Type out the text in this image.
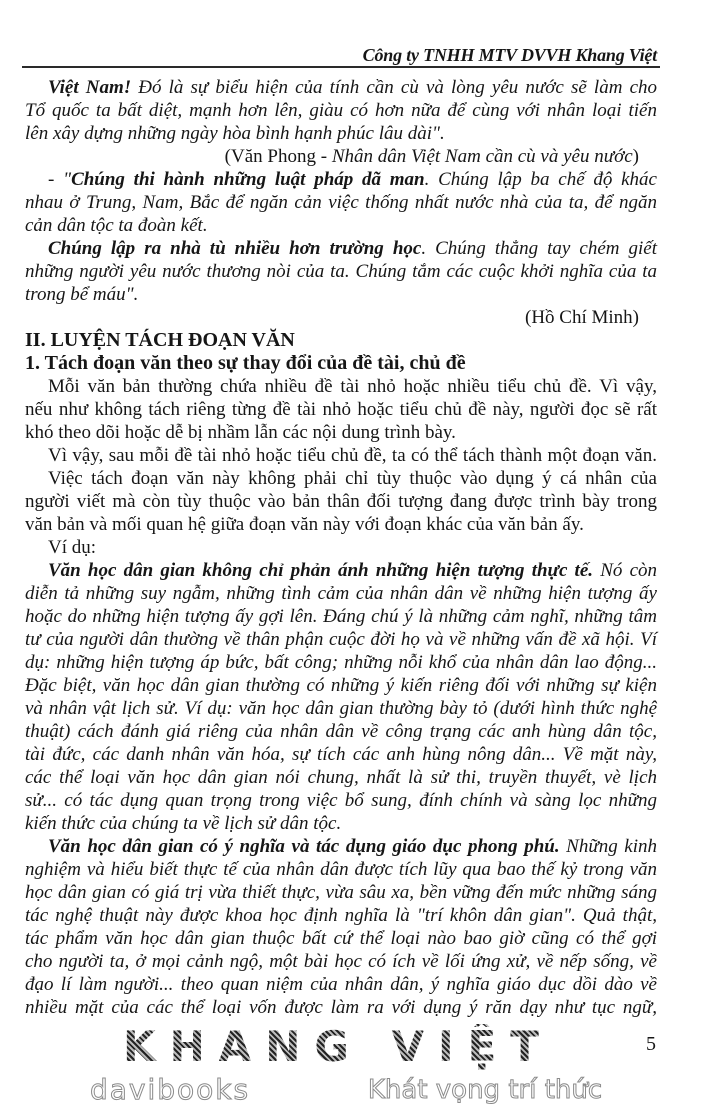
Công ty TNHH MTV DVVH Khang Việt
Việt Nam! Đó là sự biểu hiện của tính cần cù và lòng yêu nước sẽ làm cho
Tổ quốc ta bất diệt, mạnh hơn lên, giàu có hơn nữa để cùng với nhân loại tiến
lên xây dựng những ngày hòa bình hạnh phúc lâu dài".
(Văn Phong - Nhân dân Việt Nam cần cù và yêu nước)
- "Chúng thi hành những luật pháp dã man. Chúng lập ba chế độ khác
nhau ở Trung, Nam, Bắc để ngăn cản việc thống nhất nước nhà của ta, để ngăn
cản dân tộc ta đoàn kết.
Chúng lập ra nhà tù nhiều hơn trường học. Chúng thẳng tay chém giết
những người yêu nước thương nòi của ta. Chúng tắm các cuộc khởi nghĩa của ta
trong bể máu".
(Hồ Chí Minh)
II. LUYỆN TÁCH ĐOẠN VĂN
1. Tách đoạn văn theo sự thay đổi của đề tài, chủ đề
Mỗi văn bản thường chứa nhiều đề tài nhỏ hoặc nhiều tiểu chủ đề. Vì vậy,
nếu như không tách riêng từng đề tài nhỏ hoặc tiểu chủ đề này, người đọc sẽ rất
khó theo dõi hoặc dễ bị nhầm lẫn các nội dung trình bày.
Vì vậy, sau mỗi đề tài nhỏ hoặc tiểu chủ đề, ta có thể tách thành một đoạn văn.
Việc tách đoạn văn này không phải chỉ tùy thuộc vào dụng ý cá nhân của
người viết mà còn tùy thuộc vào bản thân đối tượng đang được trình bày trong
văn bản và mối quan hệ giữa đoạn văn này với đoạn khác của văn bản ấy.
Ví dụ:
Văn học dân gian không chỉ phản ánh những hiện tượng thực tế. Nó còn
diễn tả những suy ngẫm, những tình cảm của nhân dân về những hiện tượng ấy
hoặc do những hiện tượng ấy gợi lên. Đáng chú ý là những cảm nghĩ, những tâm
tư của người dân thường về thân phận cuộc đời họ và về những vấn đề xã hội. Ví
dụ: những hiện tượng áp bức, bất công; những nỗi khổ của nhân dân lao động...
Đặc biệt, văn học dân gian thường có những ý kiến riêng đối với những sự kiện
và nhân vật lịch sử. Ví dụ: văn học dân gian thường bày tỏ (dưới hình thức nghệ
thuật) cách đánh giá riêng của nhân dân về công trạng các anh hùng dân tộc,
tài đức, các danh nhân văn hóa, sự tích các anh hùng nông dân... Về mặt này,
các thể loại văn học dân gian nói chung, nhất là sử thi, truyền thuyết, vè lịch
sử... có tác dụng quan trọng trong việc bổ sung, đính chính và sàng lọc những
kiến thức của chúng ta về lịch sử dân tộc.
Văn học dân gian có ý nghĩa và tác dụng giáo dục phong phú. Những kinh
nghiệm và hiểu biết thực tế của nhân dân được tích lũy qua bao thế kỷ trong văn
học dân gian có giá trị vừa thiết thực, vừa sâu xa, bền vững đến mức những sáng
tác nghệ thuật này được khoa học định nghĩa là "trí khôn dân gian". Quả thật,
tác phẩm văn học dân gian thuộc bất cứ thể loại nào bao giờ cũng có thể gợi
cho người ta, ở mọi cảnh ngộ, một bài học có ích về lối ứng xử, về nếp sống, về
đạo lí làm người... theo quan niệm của nhân dân, ý nghĩa giáo dục dồi dào về
nhiều mặt của các thể loại vốn được làm ra với dụng ý răn dạy như tục ngữ,
KHANG VIỆT	5
davibooks	Khát vọng trí thức
